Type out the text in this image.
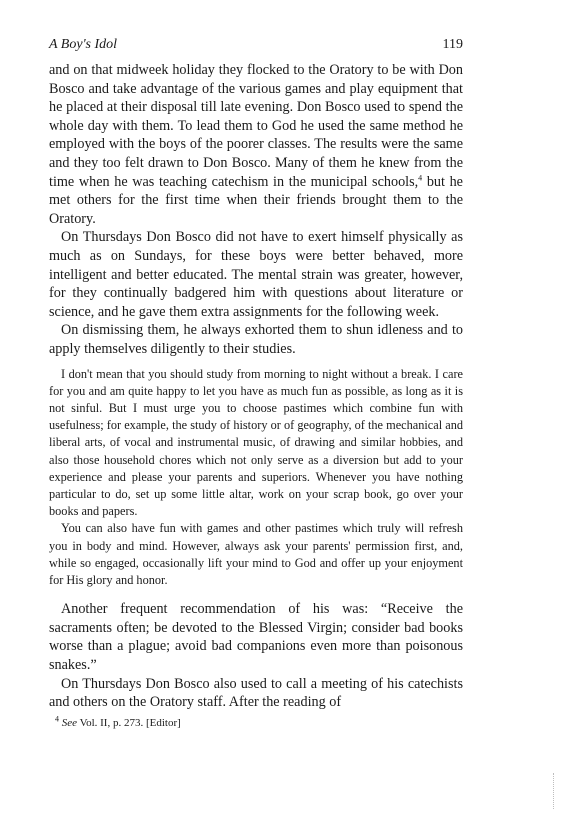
A Boy's Idol	119

and on that midweek holiday they flocked to the Oratory to be with Don Bosco and take advantage of the various games and play equipment that he placed at their disposal till late evening. Don Bosco used to spend the whole day with them. To lead them to God he used the same method he employed with the boys of the poorer classes. The results were the same and they too felt drawn to Don Bosco. Many of them he knew from the time when he was teaching catechism in the municipal schools,$^4$ but he met others for the first time when their friends brought them to the Oratory.

On Thursdays Don Bosco did not have to exert himself physically as much as on Sundays, for these boys were better behaved, more intelligent and better educated. The mental strain was greater, however, for they continually badgered him with questions about literature or science, and he gave them extra assignments for the following week.

On dismissing them, he always exhorted them to shun idleness and to apply themselves diligently to their studies.

I don't mean that you should study from morning to night without a break. I care for you and am quite happy to let you have as much fun as possible, as long as it is not sinful. But I must urge you to choose pastimes which combine fun with usefulness; for example, the study of history or of geography, of the mechanical and liberal arts, of vocal and instrumental music, of drawing and similar hobbies, and also those household chores which not only serve as a diversion but add to your experience and please your parents and superiors. Whenever you have nothing particular to do, set up some little altar, work on your scrap book, go over your books and papers.

You can also have fun with games and other pastimes which truly will refresh you in body and mind. However, always ask your parents' permission first, and, while so engaged, occasionally lift your mind to God and offer up your enjoyment for His glory and honor.

Another frequent recommendation of his was: “Receive the sacraments often; be devoted to the Blessed Virgin; consider bad books worse than a plague; avoid bad companions even more than poisonous snakes.”

On Thursdays Don Bosco also used to call a meeting of his catechists and others on the Oratory staff. After the reading of

$^4$ See Vol. II, p. 273. [Editor]
